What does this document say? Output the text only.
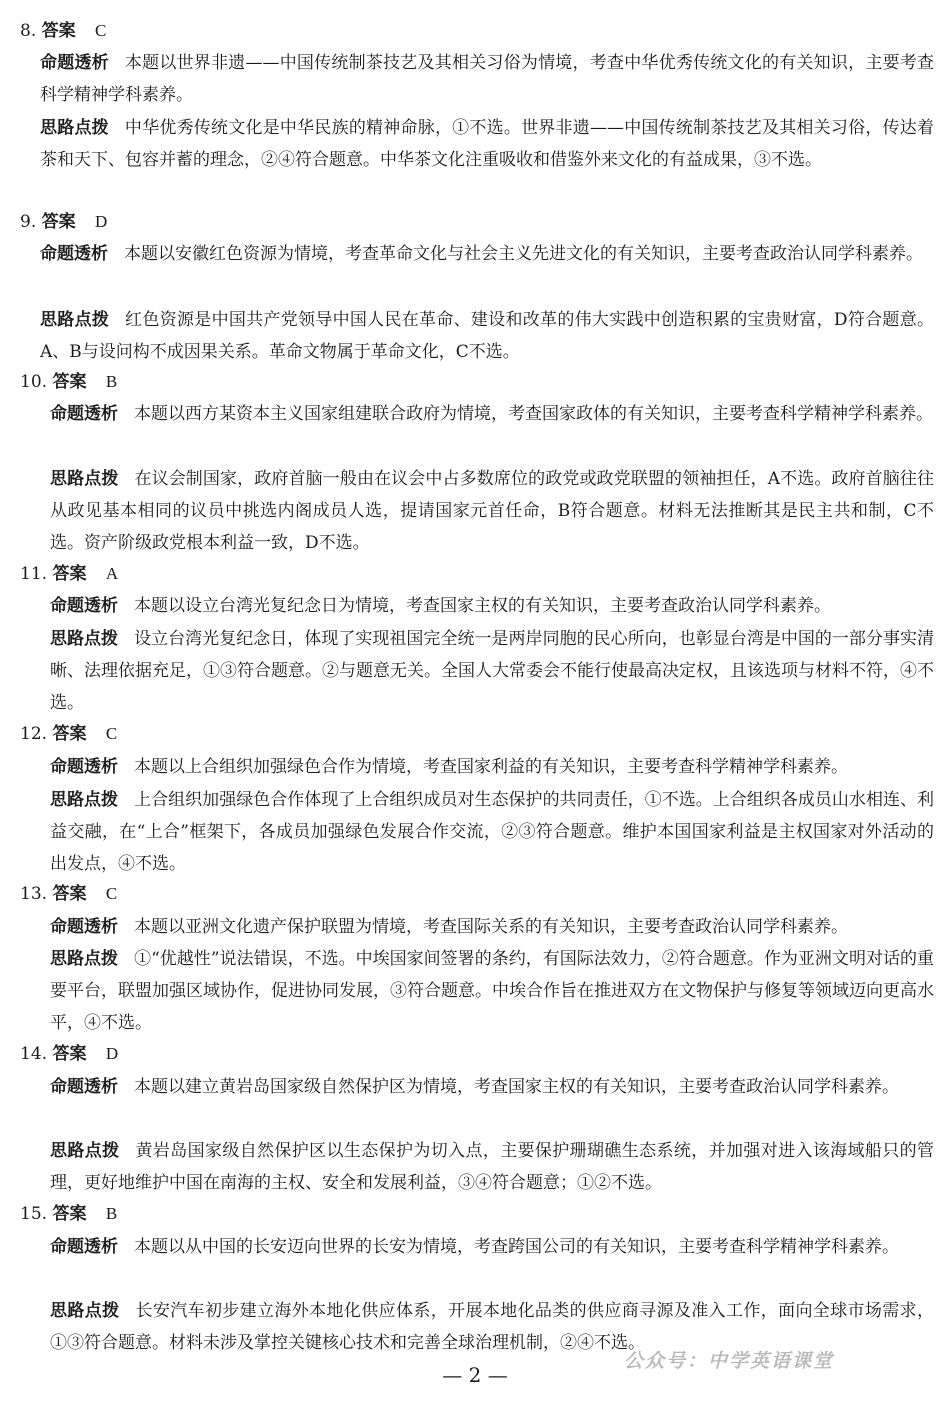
8. 答案 C
命题透析 本题以世界非遗——中国传统制茶技艺及其相关习俗为情境，考查中华优秀传统文化的有关知识，主要考查科学精神学科素养。
思路点拨 中华优秀传统文化是中华民族的精神命脉，①不选。世界非遗——中国传统制茶技艺及其相关习俗，传达着茶和天下、包容并蓄的理念，②④符合题意。中华茶文化注重吸收和借鉴外来文化的有益成果，③不选。
9. 答案 D
命题透析 本题以安徽红色资源为情境，考查革命文化与社会主义先进文化的有关知识，主要考查政治认同学科素养。
思路点拨 红色资源是中国共产党领导中国人民在革命、建设和改革的伟大实践中创造积累的宝贵财富，D符合题意。A、B与设问构不成因果关系。革命文物属于革命文化，C不选。
10. 答案 B
命题透析 本题以西方某资本主义国家组建联合政府为情境，考查国家政体的有关知识，主要考查科学精神学科素养。
思路点拨 在议会制国家，政府首脑一般由在议会中占多数席位的政党或政党联盟的领袖担任，A不选。政府首脑往往从政见基本相同的议员中挑选内阁成员人选，提请国家元首任命，B符合题意。材料无法推断其是民主共和制，C不选。资产阶级政党根本利益一致，D不选。
11. 答案 A
命题透析 本题以设立台湾光复纪念日为情境，考查国家主权的有关知识，主要考查政治认同学科素养。
思路点拨 设立台湾光复纪念日，体现了实现祖国完全统一是两岸同胞的民心所向，也彰显台湾是中国的一部分事实清晰、法理依据充足，①③符合题意。②与题意无关。全国人大常委会不能行使最高决定权，且该选项与材料不符，④不选。
12. 答案 C
命题透析 本题以上合组织加强绿色合作为情境，考查国家利益的有关知识，主要考查科学精神学科素养。
思路点拨 上合组织加强绿色合作体现了上合组织成员对生态保护的共同责任，①不选。上合组织各成员山水相连、利益交融，在“上合”框架下，各成员加强绿色发展合作交流，②③符合题意。维护本国国家利益是主权国家对外活动的出发点，④不选。
13. 答案 C
命题透析 本题以亚洲文化遗产保护联盟为情境，考查国际关系的有关知识，主要考查政治认同学科素养。
思路点拨 ①“优越性”说法错误，不选。中埃国家间签署的条约，有国际法效力，②符合题意。作为亚洲文明对话的重要平台，联盟加强区域协作，促进协同发展，③符合题意。中埃合作旨在推进双方在文物保护与修复等领域迈向更高水平，④不选。
14. 答案 D
命题透析 本题以建立黄岩岛国家级自然保护区为情境，考查国家主权的有关知识，主要考查政治认同学科素养。
思路点拨 黄岩岛国家级自然保护区以生态保护为切入点，主要保护珊瑚礁生态系统，并加强对进入该海域船只的管理，更好地维护中国在南海的主权、安全和发展利益，③④符合题意；①②不选。
15. 答案 B
命题透析 本题以从中国的长安迈向世界的长安为情境，考查跨国公司的有关知识，主要考查科学精神学科素养。
思路点拨 长安汽车初步建立海外本地化供应体系，开展本地化品类的供应商寻源及准入工作，面向全球市场需求，①③符合题意。材料未涉及掌控关键核心技术和完善全球治理机制，②④不选。
— 2 —
公众号：中学英语课堂
